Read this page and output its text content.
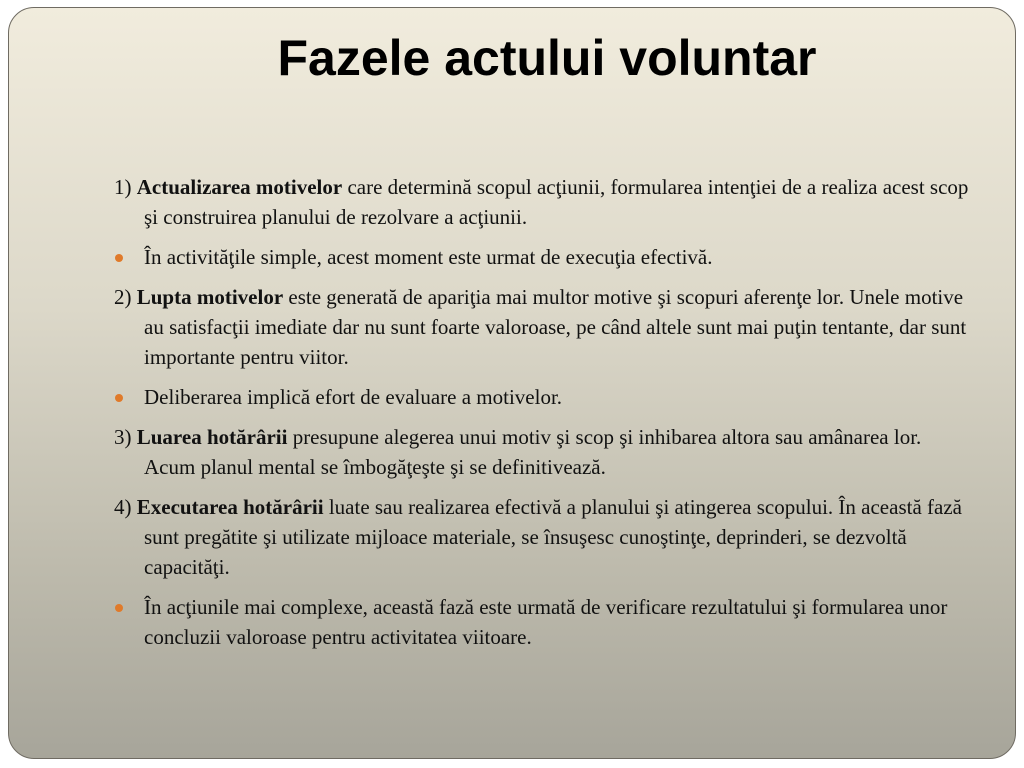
Fazele actului voluntar

1) Actualizarea motivelor care determină scopul acţiunii, formularea intenţiei de a realiza acest scop şi construirea planului de rezolvare a acţiunii.

În activităţile simple, acest moment este urmat de execuţia efectivă.

2) Lupta motivelor este generată de apariţia mai multor motive şi scopuri aferenţe lor. Unele motive au satisfacţii imediate dar nu sunt foarte valoroase, pe când altele sunt mai puţin tentante, dar sunt importante pentru viitor.

Deliberarea implică efort de evaluare a motivelor.

3) Luarea hotărârii presupune alegerea unui motiv şi scop şi inhibarea altora sau amânarea lor. Acum planul mental se îmbogăţeşte şi se definitivează.

4) Executarea hotărârii luate sau realizarea efectivă a planului şi atingerea scopului. În această fază sunt pregătite şi utilizate mijloace materiale, se însuşesc cunoştinţe, deprinderi, se dezvoltă capacităţi.

În acţiunile mai complexe, această fază este urmată de verificare rezultatului şi formularea unor concluzii valoroase pentru activitatea viitoare.
